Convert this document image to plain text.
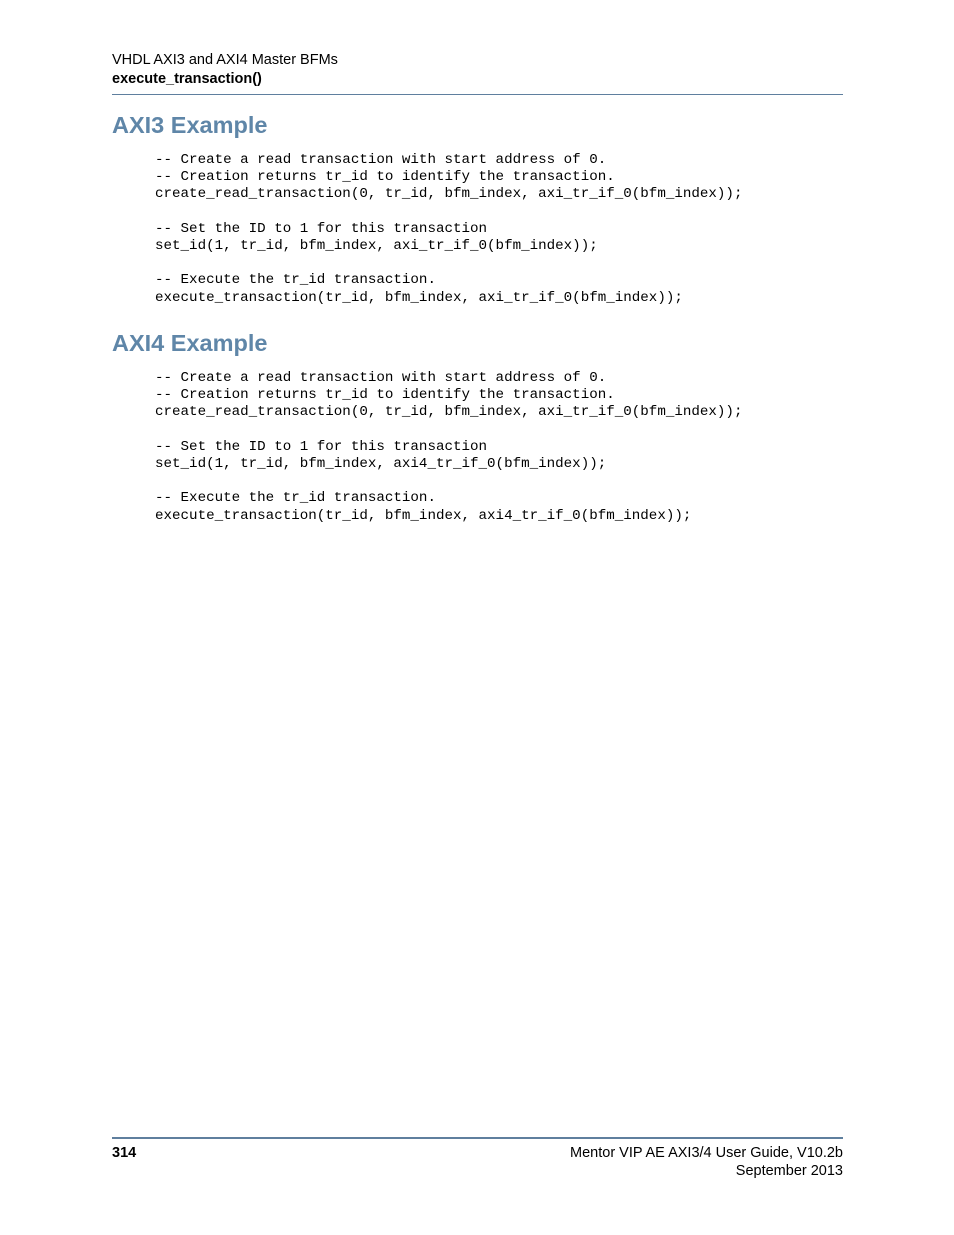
VHDL AXI3 and AXI4 Master BFMs
execute_transaction()
AXI3 Example
-- Create a read transaction with start address of 0.
-- Creation returns tr_id to identify the transaction.
create_read_transaction(0, tr_id, bfm_index, axi_tr_if_0(bfm_index));
-- Set the ID to 1 for this transaction
set_id(1, tr_id, bfm_index, axi_tr_if_0(bfm_index));
-- Execute the tr_id transaction.
execute_transaction(tr_id, bfm_index, axi_tr_if_0(bfm_index));
AXI4 Example
-- Create a read transaction with start address of 0.
-- Creation returns tr_id to identify the transaction.
create_read_transaction(0, tr_id, bfm_index, axi_tr_if_0(bfm_index));
-- Set the ID to 1 for this transaction
set_id(1, tr_id, bfm_index, axi4_tr_if_0(bfm_index));
-- Execute the tr_id transaction.
execute_transaction(tr_id, bfm_index, axi4_tr_if_0(bfm_index));
314	Mentor VIP AE AXI3/4 User Guide, V10.2b
September 2013
